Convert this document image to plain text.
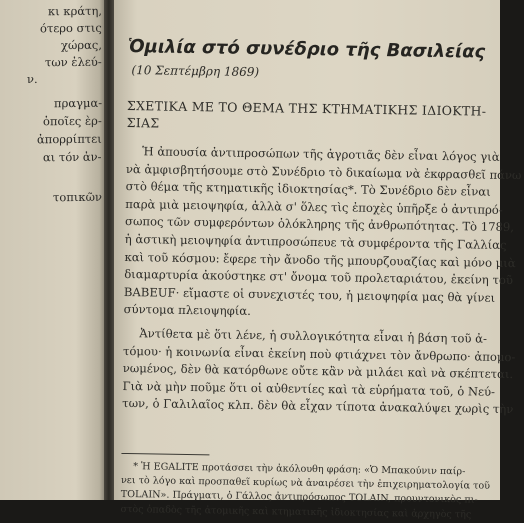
κι κράτη,
ότερο στις
χώρας,
των ἐλεύ-
ν.
πραγμα-
ὁποῖες ὲρ-
ἀπορρίπτει
αι τόν ἀν-
τοπικῶν
Ὁμιλία στό συνέδριο τῆς Βασιλείας
(10 Σεπτέμβρη 1869)
ΣΧΕΤΙΚΑ ΜΕ ΤΟ ΘΕΜΑ ΤΗΣ ΚΤΗΜΑΤΙΚΗΣ ΙΔΙΟΚΤΗ-
ΣΙΑΣ

Ἡ ἀπουσία ἀντιπροσώπων τῆς ἀγροτιᾶς δὲν εἶναι λόγος γιὰ

νὰ ἀμφισβητήσουμε στὸ Συνέδριο τὸ δικαίωμα νὰ ἐκφρασθεῖ πάνω

στὸ θέμα τῆς κτηματικῆς ἰδιοκτησίας*. Τὸ Συνέδριο δὲν εἶναι

παρὰ μιὰ μειοψηφία, ἀλλὰ σ' ὅλες τὶς ἐποχὲς ὑπῆρξε ὁ ἀντιπρό-

σωπος τῶν συμφερόντων ὁλόκληρης τῆς ἀνθρωπότητας. Τὸ 1789,

ἡ ἀστικὴ μειοψηφία ἀντιπροσώπευε τὰ συμφέροντα τῆς Γαλλίας

καὶ τοῦ κόσμου: ἔφερε τὴν ἄνοδο τῆς μπουρζουαζίας καὶ μόνο μιὰ

διαμαρτυρία ἀκούστηκε στ' ὄνομα τοῦ προλεταριάτου, ἐκείνη τοῦ

BABEUF· εἴμαστε οἱ συνεχιστές του, ἡ μειοψηφία μας θὰ γίνει

σύντομα πλειοψηφία.

Ἀντίθετα μὲ ὅτι λένε, ἡ συλλογικότητα εἶναι ἡ βάση τοῦ ἀ-

τόμου· ἡ κοινωνία εἶναι ἐκείνη ποὺ φτιάχνει τὸν ἄνθρωπο· ἀπομο-

νωμένος, δὲν θὰ κατόρθωνε οὔτε κἂν νὰ μιλάει καὶ νὰ σκέπτεται.

Γιὰ νὰ μὴν ποῦμε ὅτι οἱ αὐθεντίες καὶ τὰ εὑρήματα τοῦ, ὁ Νεύ-

των, ὁ Γαλιλαῖος κλπ. δὲν θὰ εἶχαν τίποτα ἀνακαλύψει χωρὶς τὴν

* Ἡ EGALITE προτάσσει τὴν ἀκόλουθη φράση: «Ὁ Μπακούνιν παίρ-

νει τὸ λόγο καὶ προσπαθεῖ κυρίως νὰ ἀναιρέσει τὴν ἐπιχειρηματολογία τοῦ

TOLAIN». Πράγματι, ὁ Γάλλος ἀντιπρόσωπος TOLAIN, προυντονικὸς πι-

στὸς ὀπαδὸς τῆς ἀτομικῆς καὶ κτηματικῆς ἰδιοκτησίας καὶ ἀρχηγὸς τῆς
